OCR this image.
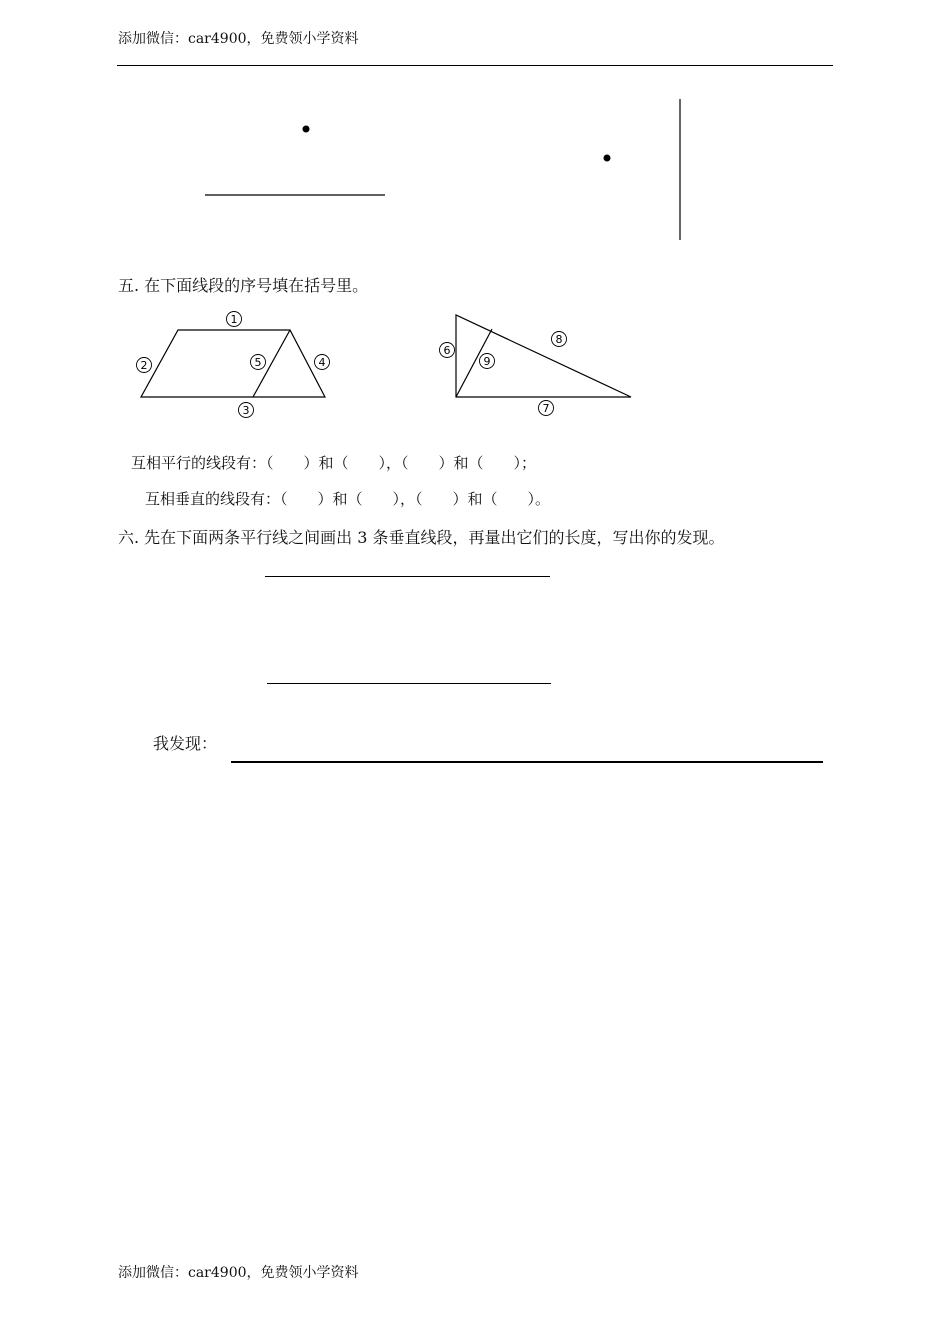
添加微信：car4900，免费领小学资料
五. 在下面线段的序号填在括号里。
1
2
3
4
5
6
7
8
9
互相平行的线段有：（　　）和（　　），（　　）和（　　）；
互相垂直的线段有：（　　）和（　　），（　　）和（　　）。
六. 先在下面两条平行线之间画出 3 条垂直线段，再量出它们的长度，写出你的发现。
我发现：
添加微信：car4900，免费领小学资料
